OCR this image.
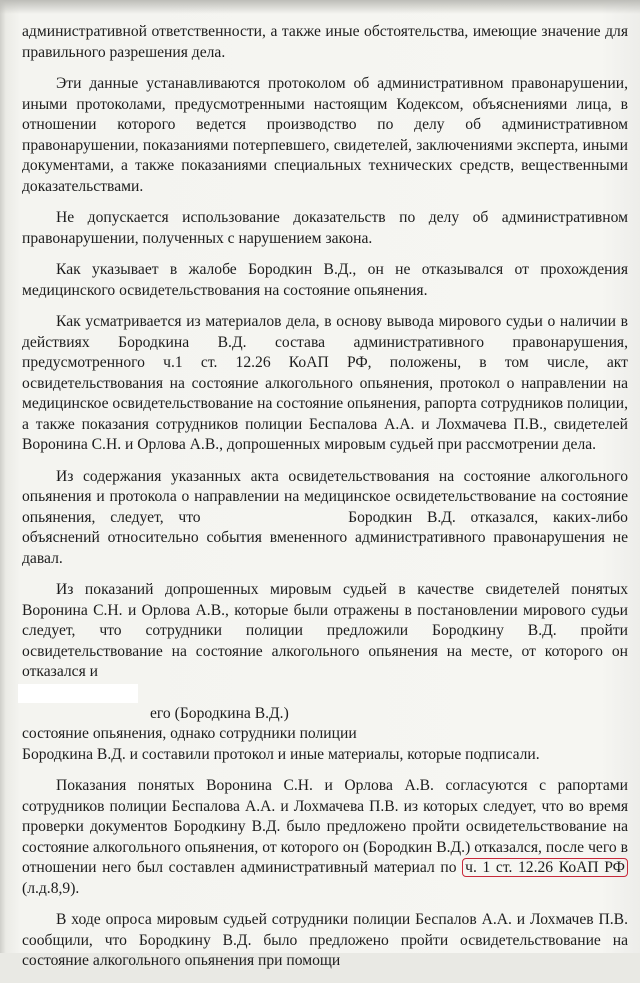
административной ответственности, а также иные обстоятельства, имеющие значение для правильного разрешения дела.

Эти данные устанавливаются протоколом об административном правонарушении, иными протоколами, предусмотренными настоящим Кодексом, объяснениями лица, в отношении которого ведется производство по делу об административном правонарушении, показаниями потерпевшего, свидетелей, заключениями эксперта, иными документами, а также показаниями специальных технических средств, вещественными доказательствами.

Не допускается использование доказательств по делу об административном правонарушении, полученных с нарушением закона.

Как указывает в жалобе Бородкин В.Д., он не отказывался от прохождения медицинского освидетельствования на состояние опьянения.

Как усматривается из материалов дела, в основу вывода мирового судьи о наличии в действиях Бородкина В.Д. состава административного правонарушения, предусмотренного ч.1 ст. 12.26 КоАП РФ, положены, в том числе, акт освидетельствования на состояние алкогольного опьянения, протокол о направлении на медицинское освидетельствование на состояние опьянения, рапорта сотрудников полиции, а также показания сотрудников полиции Беспалова А.А. и Лохмачева П.В., свидетелей Воронина С.Н. и Орлова А.В., допрошенных мировым судьей при рассмотрении дела.

Из содержания указанных акта освидетельствования на состояние алкогольного опьянения и протокола о направлении на медицинское освидетельствование на состояние опьянения, следует, что	Бородкин В.Д. отказался, каких-либо объяснений относительно события вмененного административного правонарушения не давал.

Из показаний допрошенных мировым судьей в качестве свидетелей понятых Воронина С.Н. и Орлова А.В., которые были отражены в постановлении мирового судьи следует, что сотрудники полиции предложили Бородкину В.Д. пройти освидетельствование на состояние алкогольного опьянения на месте, от которого он отказался и
его (Бородкина В.Д.)
состояние опьянения, однако сотрудники полиции
Бородкина В.Д. и составили протокол и иные материалы, которые подписали.

Показания понятых Воронина С.Н. и Орлова А.В. согласуются с рапортами сотрудников полиции Беспалова А.А. и Лохмачева П.В. из которых следует, что во время проверки документов Бородкину В.Д. было предложено пройти освидетельствование на состояние алкогольного опьянения, от которого он (Бородкин В.Д.) отказался, после чего в отношении него был составлен административный материал по ч. 1 ст. 12.26 КоАП РФ (л.д.8,9).

В ходе опроса мировым судьей сотрудники полиции Беспалов А.А. и Лохмачев П.В. сообщили, что Бородкину В.Д. было предложено пройти освидетельствование на состояние алкогольного опьянения при помощи
